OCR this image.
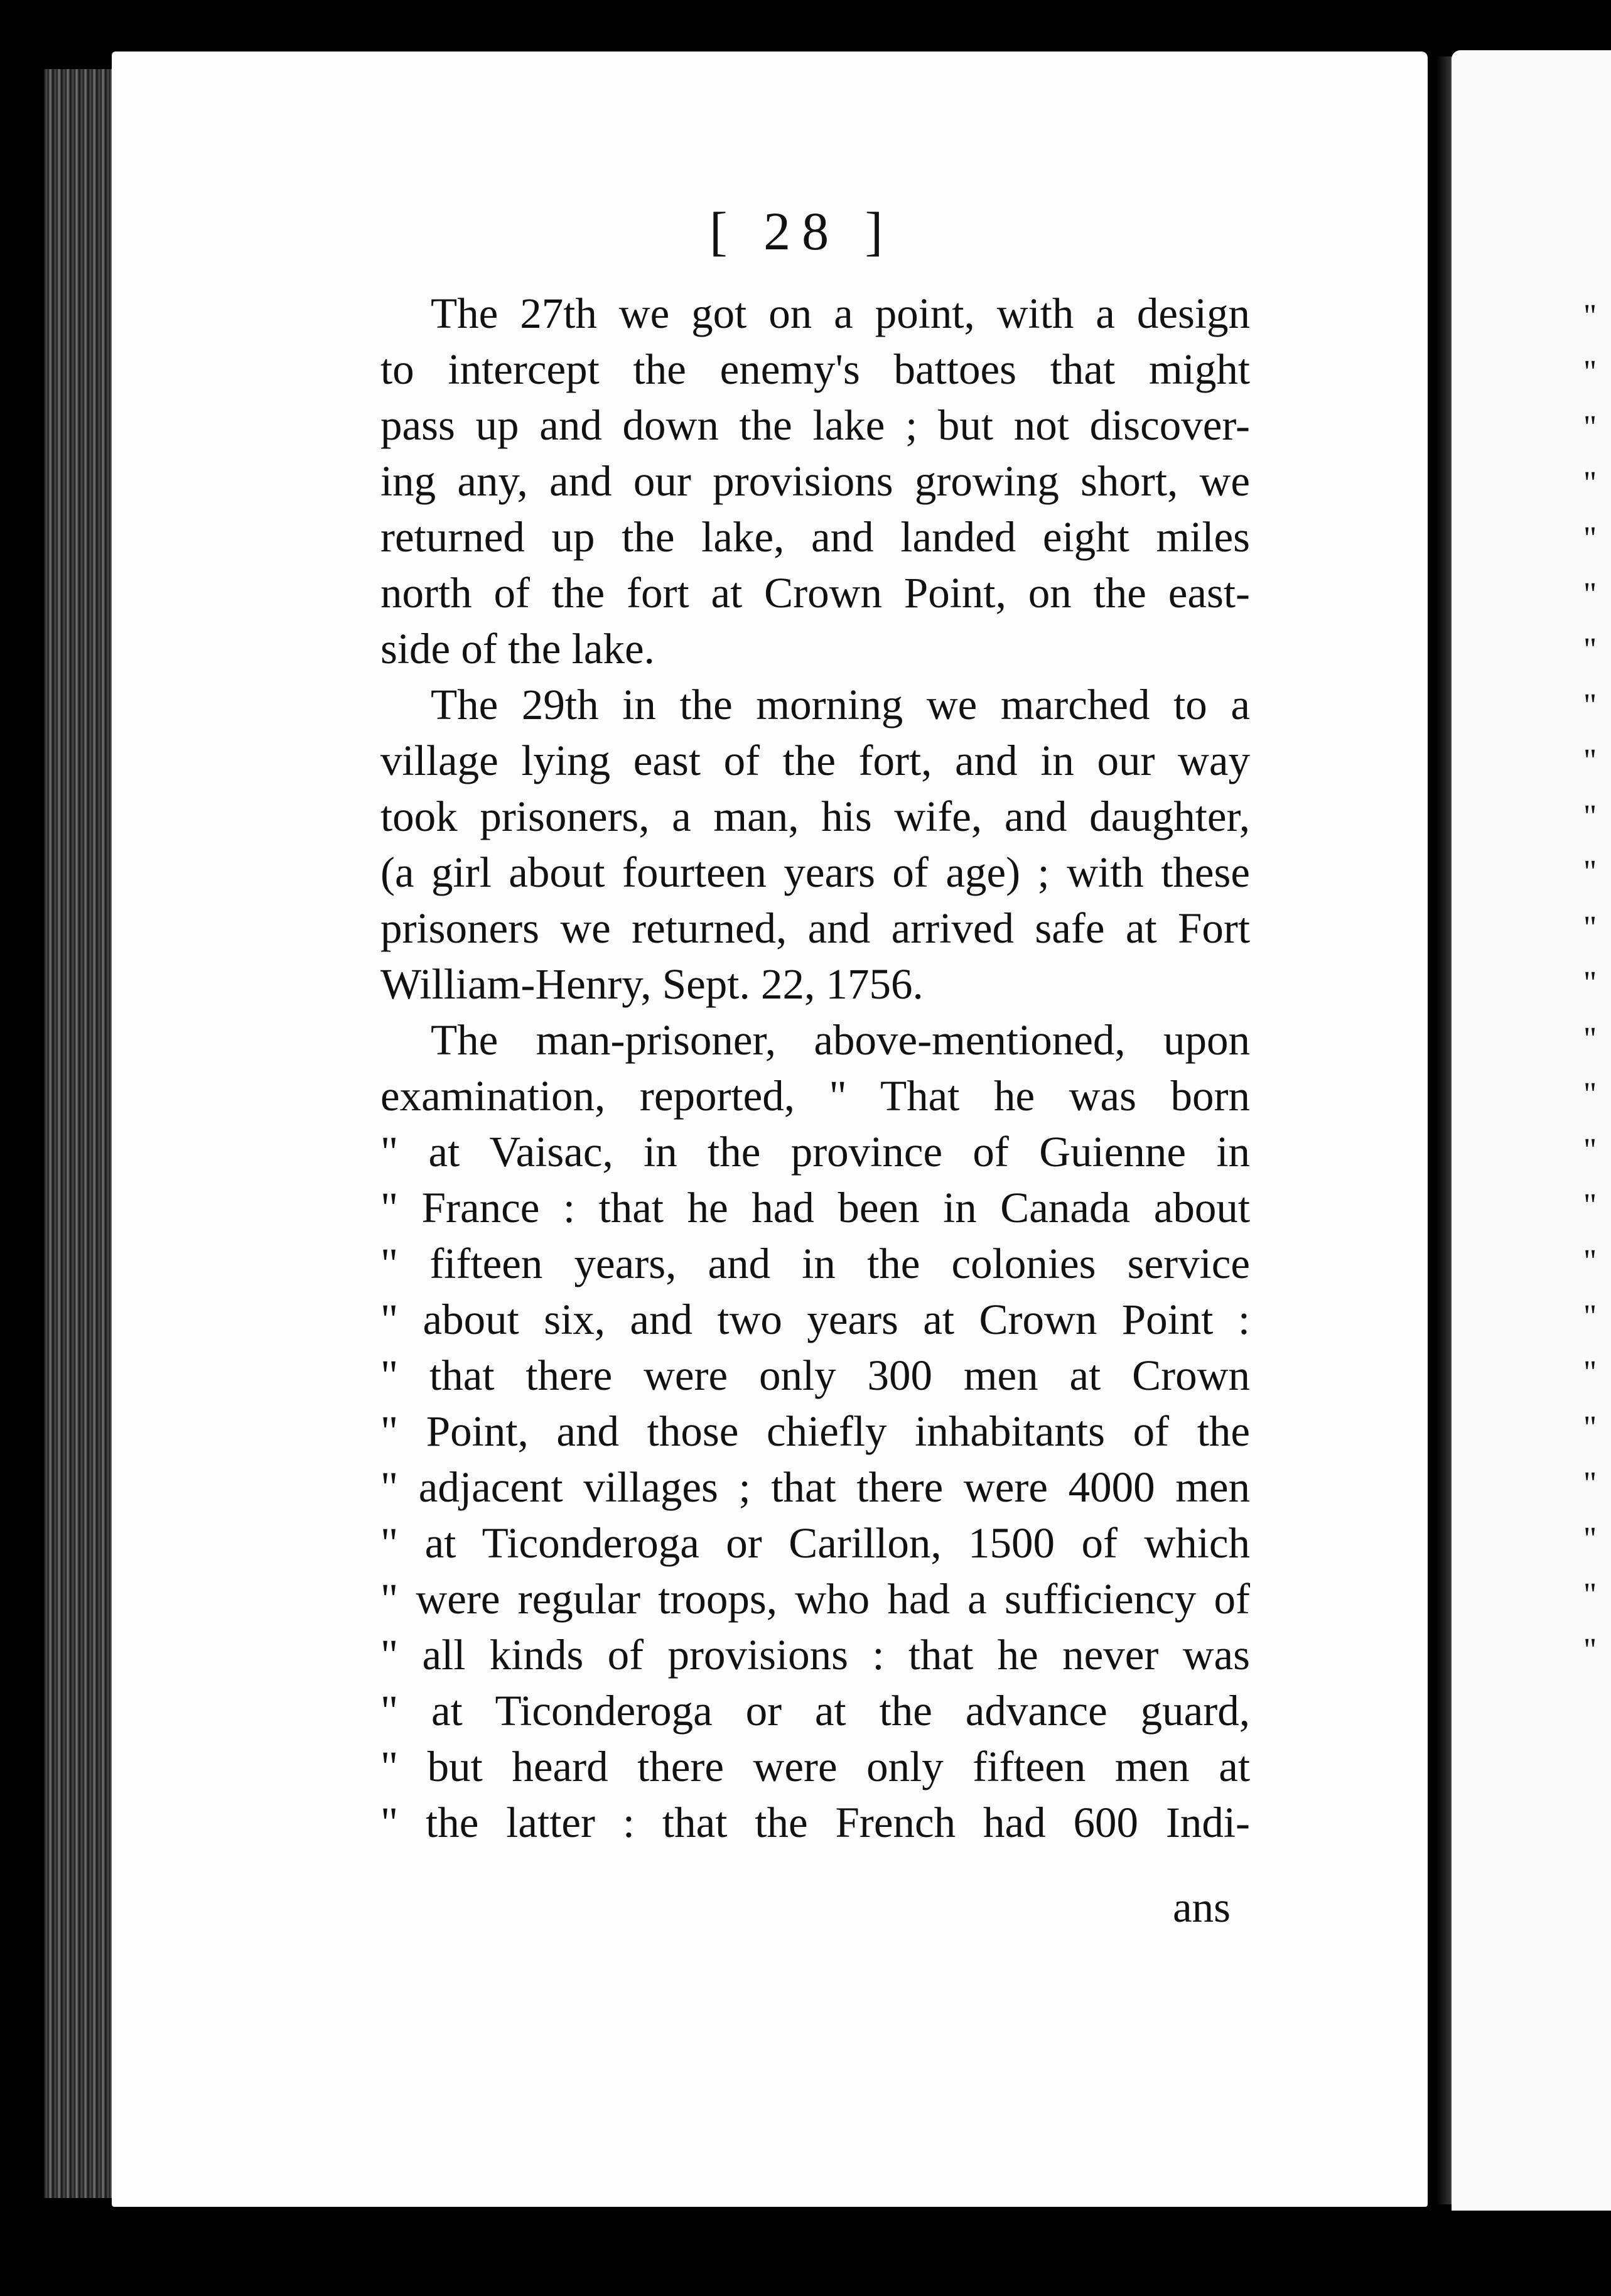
[ 28 ]

The 27th we got on a point, with a design
to intercept the enemy's battoes that might
pass up and down the lake ; but not discover-
ing any, and our provisions growing short, we
returned up the lake, and landed eight miles
north of the fort at Crown Point, on the east-
side of the lake.

The 29th in the morning we marched to a
village lying east of the fort, and in our way
took prisoners, a man, his wife, and daughter,
(a girl about fourteen years of age) ; with these
prisoners we returned, and arrived safe at Fort
William-Henry, Sept. 22, 1756.

The man-prisoner, above-mentioned, upon
examination, reported, " That he was born
" at Vaisac, in the province of Guienne in
" France : that he had been in Canada about
" fifteen years, and in the colonies service
" about six, and two years at Crown Point :
" that there were only 300 men at Crown
" Point, and those chiefly inhabitants of the
" adjacent villages ; that there were 4000 men
" at Ticonderoga or Carillon, 1500 of which
" were regular troops, who had a sufficiency of
" all kinds of provisions : that he never was
" at Ticonderoga or at the advance guard,
" but heard there were only fifteen men at
" the latter : that the French had 600 Indi-

ans
"
"
"
"
"
"
"
"
"
"
"
"
"
"
"
"
"
"
"
"
"
"
"
"
"
